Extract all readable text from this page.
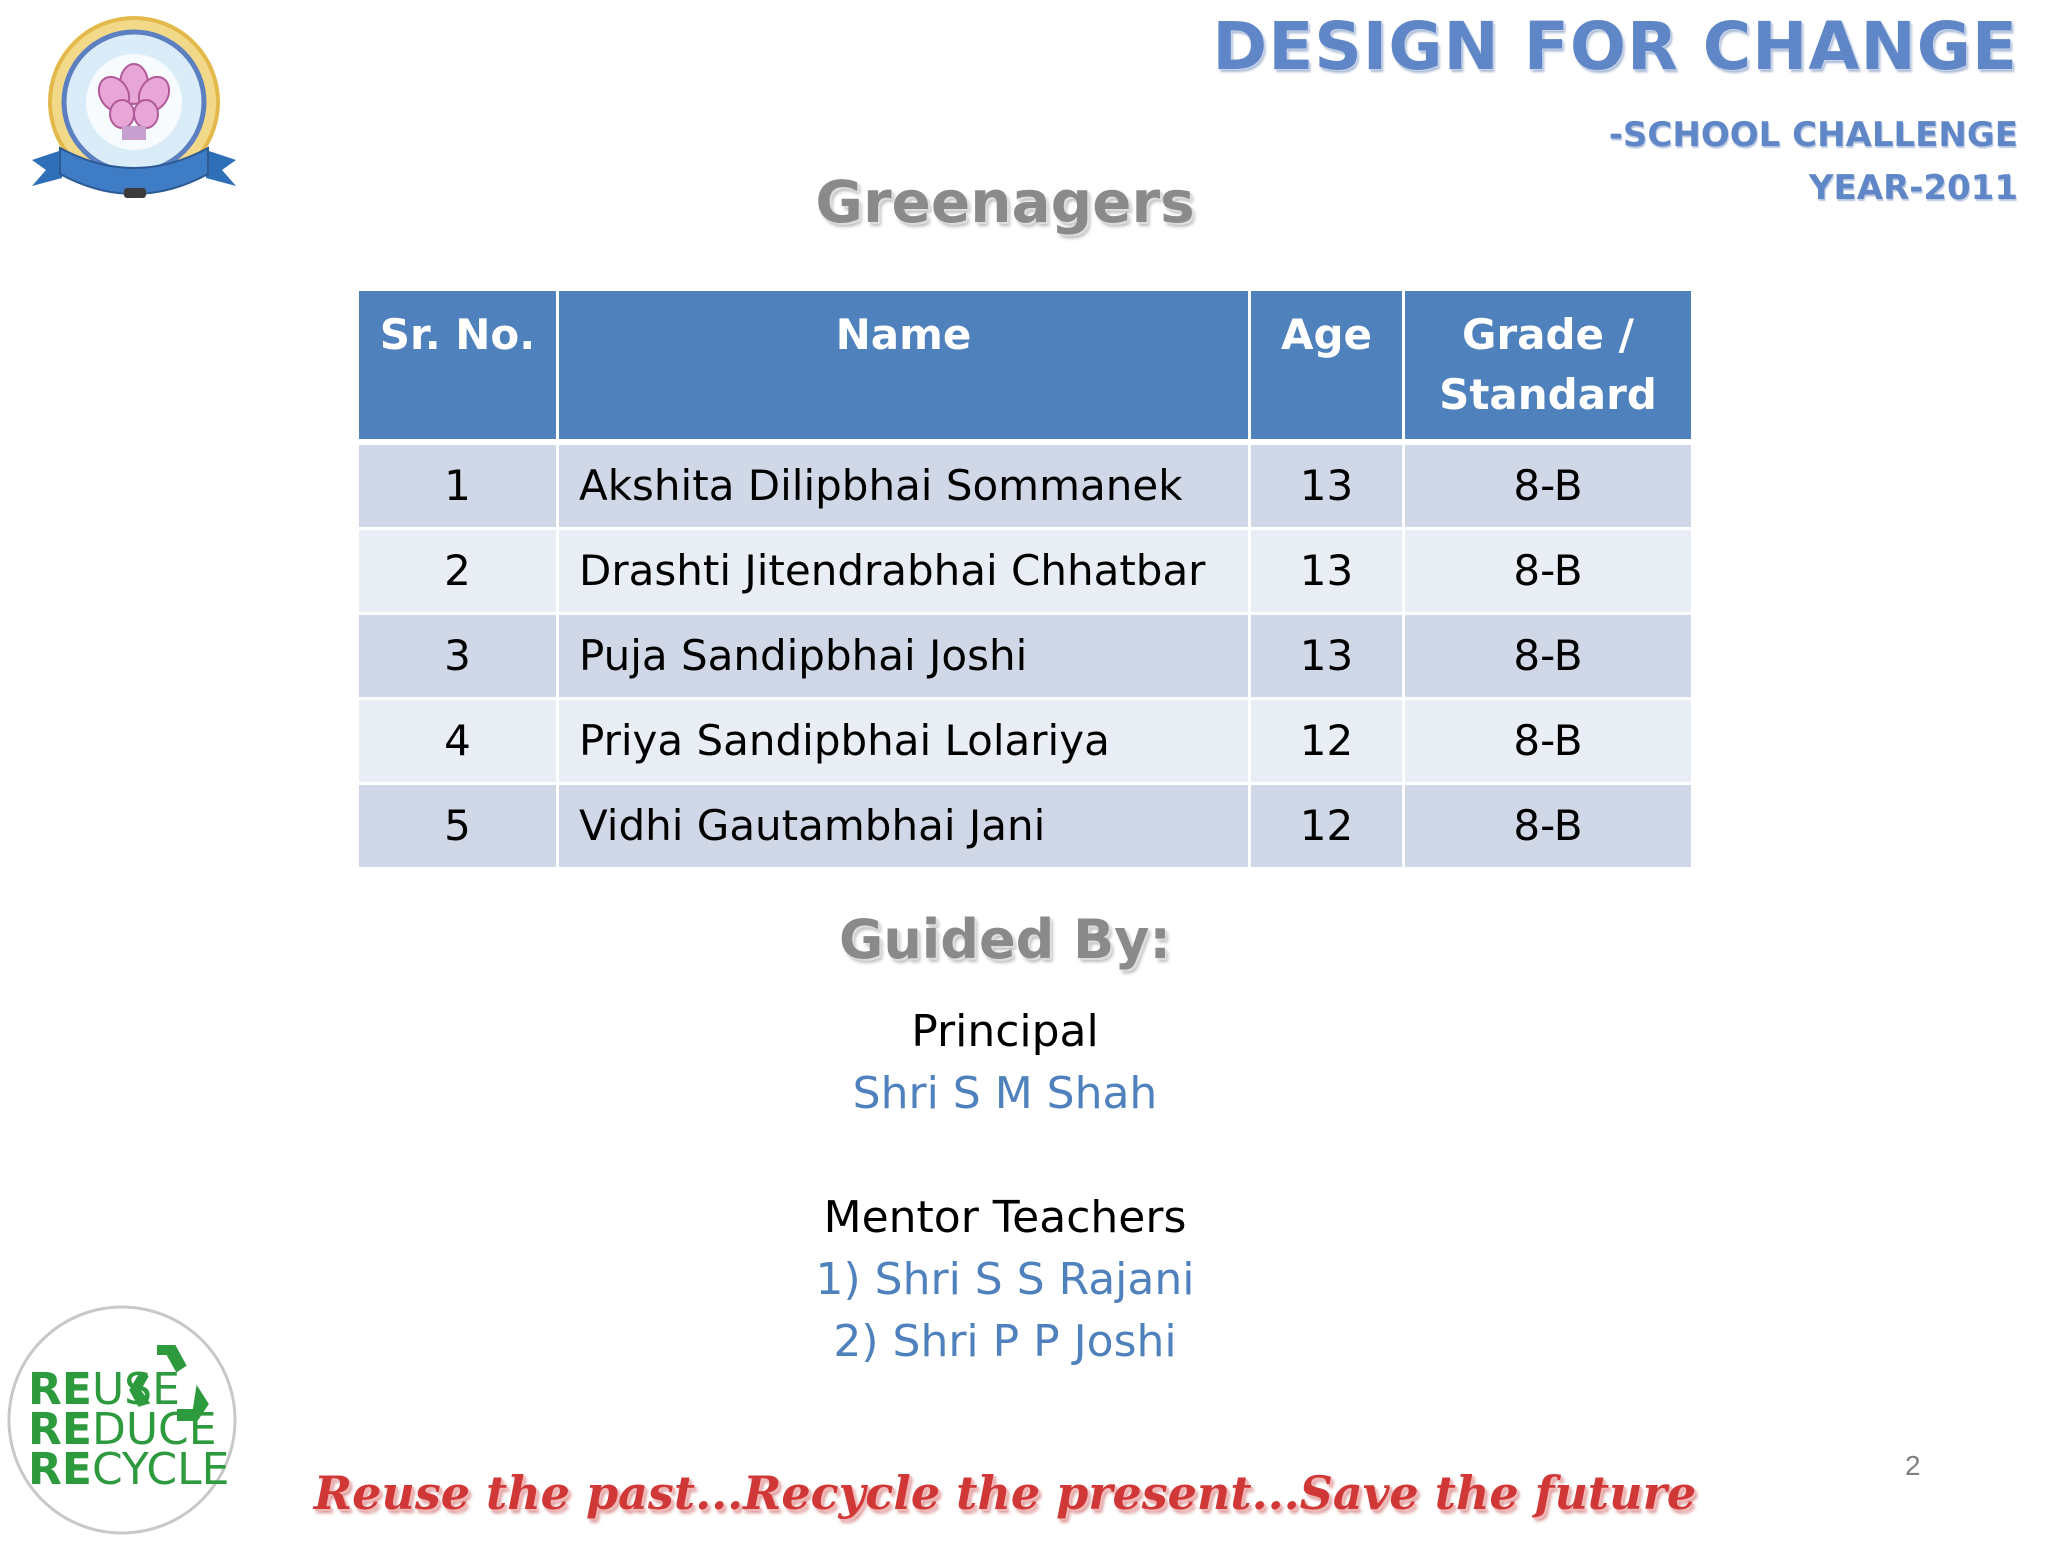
DESIGN FOR CHANGE
-SCHOOL CHALLENGE
YEAR-2011
Greenagers
Sr. No.	Name	Age	Grade / Standard
1	Akshita Dilipbhai Sommanek	13	8-B
2	Drashti Jitendrabhai Chhatbar	13	8-B
3	Puja Sandipbhai Joshi	13	8-B
4	Priya Sandipbhai Lolariya	12	8-B
5	Vidhi Gautambhai Jani	12	8-B
Guided By:
Principal
Shri S M Shah
Mentor Teachers
1) Shri S S Rajani
2) Shri P P Joshi
REUSE
REDUCE
RECYCLE	Reuse the past...Recycle the present...Save the future
2
